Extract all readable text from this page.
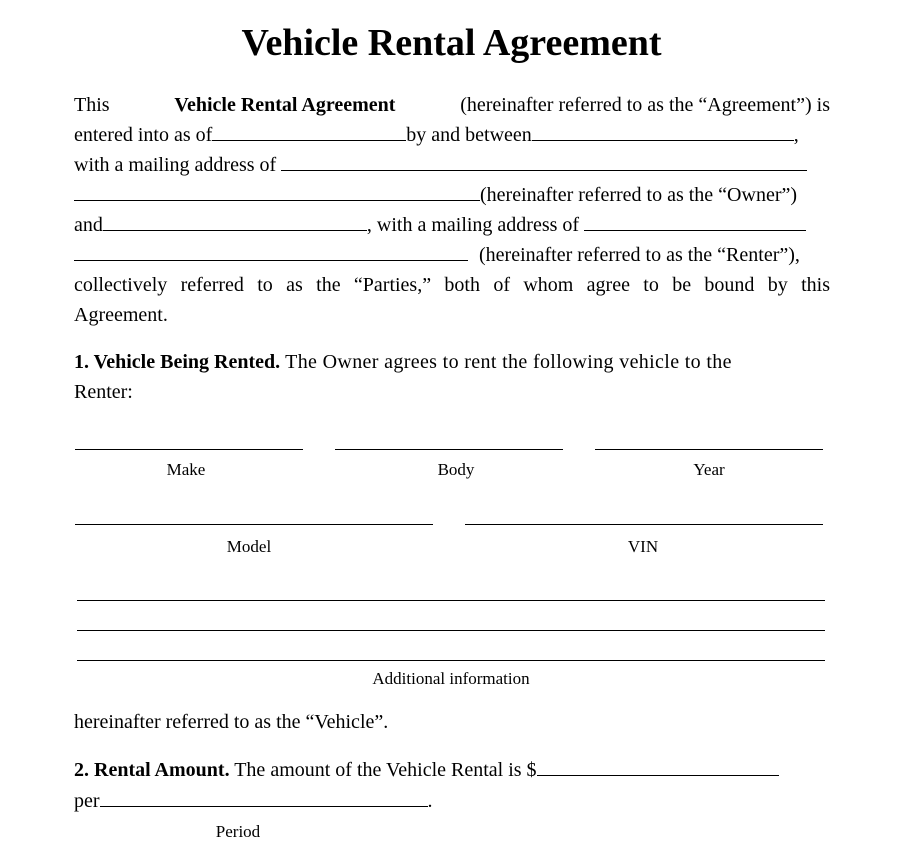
Vehicle Rental Agreement
This	Vehicle Rental Agreement	(hereinafter referred to as the “Agreement”) is
entered into as of	by and between	,
with a mailing address of
(hereinafter referred to as the “Owner”)
and	, with a mailing address of
(hereinafter referred to as the “Renter”),
collectively referred to as the “Parties,” both of whom agree to be bound by this
Agreement.
1. Vehicle Being Rented. The Owner agrees to rent the following vehicle to the
Renter:
Make	Body	Year
Model	VIN
Additional information
hereinafter referred to as the “Vehicle”.
2. Rental Amount. The amount of the Vehicle Rental is $
per	.
Period
